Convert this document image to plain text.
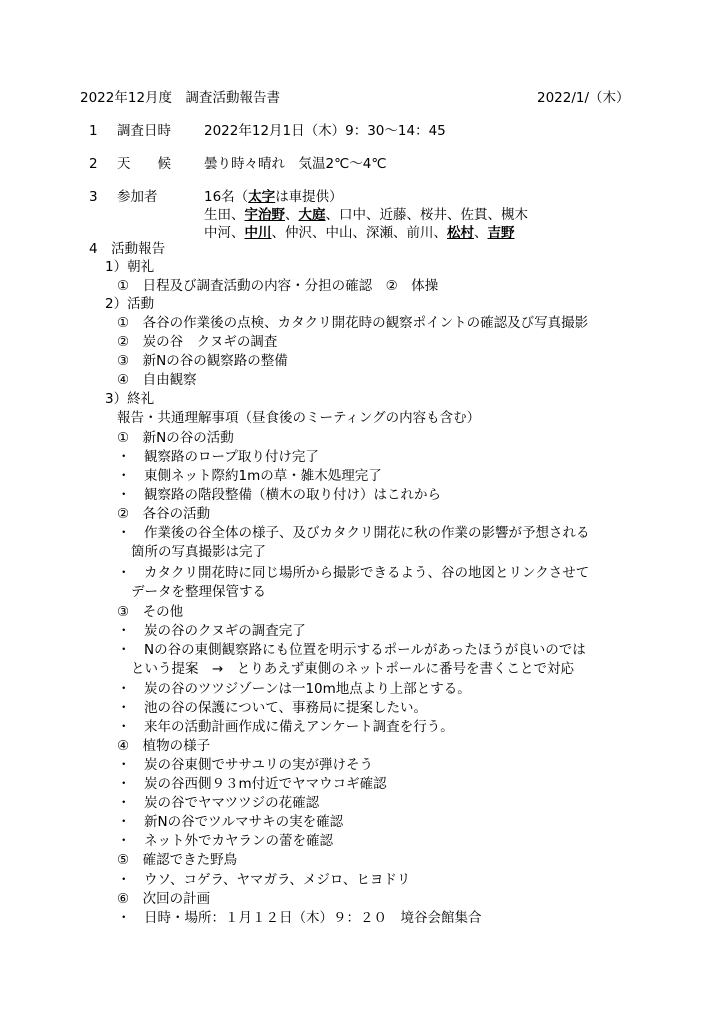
2022年12月度　調査活動報告書	2022/1/（木）
1 調査日時 2022年12月1日（木）9：30〜14：45
2 天　　候 曇り時々晴れ　気温2℃〜4℃
3 参加者	16名（太字は車提供）
生田、宇治野、大庭、口中、近藤、桜井、佐貫、槻木
中河、中川、仲沢、中山、深瀬、前川、松村、吉野
4　活動報告
1）朝礼
①　日程及び調査活動の内容・分担の確認　②　体操
2）活動
①　各谷の作業後の点検、カタクリ開花時の観察ポイントの確認及び写真撮影
②　炭の谷　クヌギの調査
③　新Nの谷の観察路の整備
④　自由観察
3）終礼
報告・共通理解事項（昼食後のミーティングの内容も含む）
①　新Nの谷の活動
・　観察路のロープ取り付け完了
・　東側ネット際約1mの草・雑木処理完了
・　観察路の階段整備（横木の取り付け）はこれから
②　各谷の活動
・　作業後の谷全体の様子、及びカタクリ開花に秋の作業の影響が予想される
箇所の写真撮影は完了
・　カタクリ開花時に同じ場所から撮影できるよう、谷の地図とリンクさせて
データを整理保管する
③　その他
・　炭の谷のクヌギの調査完了
・　Nの谷の東側観察路にも位置を明示するポールがあったほうが良いのでは
という提案　→　とりあえず東側のネットポールに番号を書くことで対応
・　炭の谷のツツジゾーンは一10m地点より上部とする。
・　池の谷の保護について、事務局に提案したい。
・　来年の活動計画作成に備えアンケート調査を行う。
④　植物の様子
・　炭の谷東側でササユリの実が弾けそう
・　炭の谷西側９３m付近でヤマウコギ確認
・　炭の谷でヤマツツジの花確認
・　新Nの谷でツルマサキの実を確認
・　ネット外でカヤランの蕾を確認
⑤　確認できた野鳥
・　ウソ、コゲラ、ヤマガラ、メジロ、ヒヨドリ
⑥　次回の計画
・　日時・場所：１月１２日（木）９：２０　境谷会館集合
